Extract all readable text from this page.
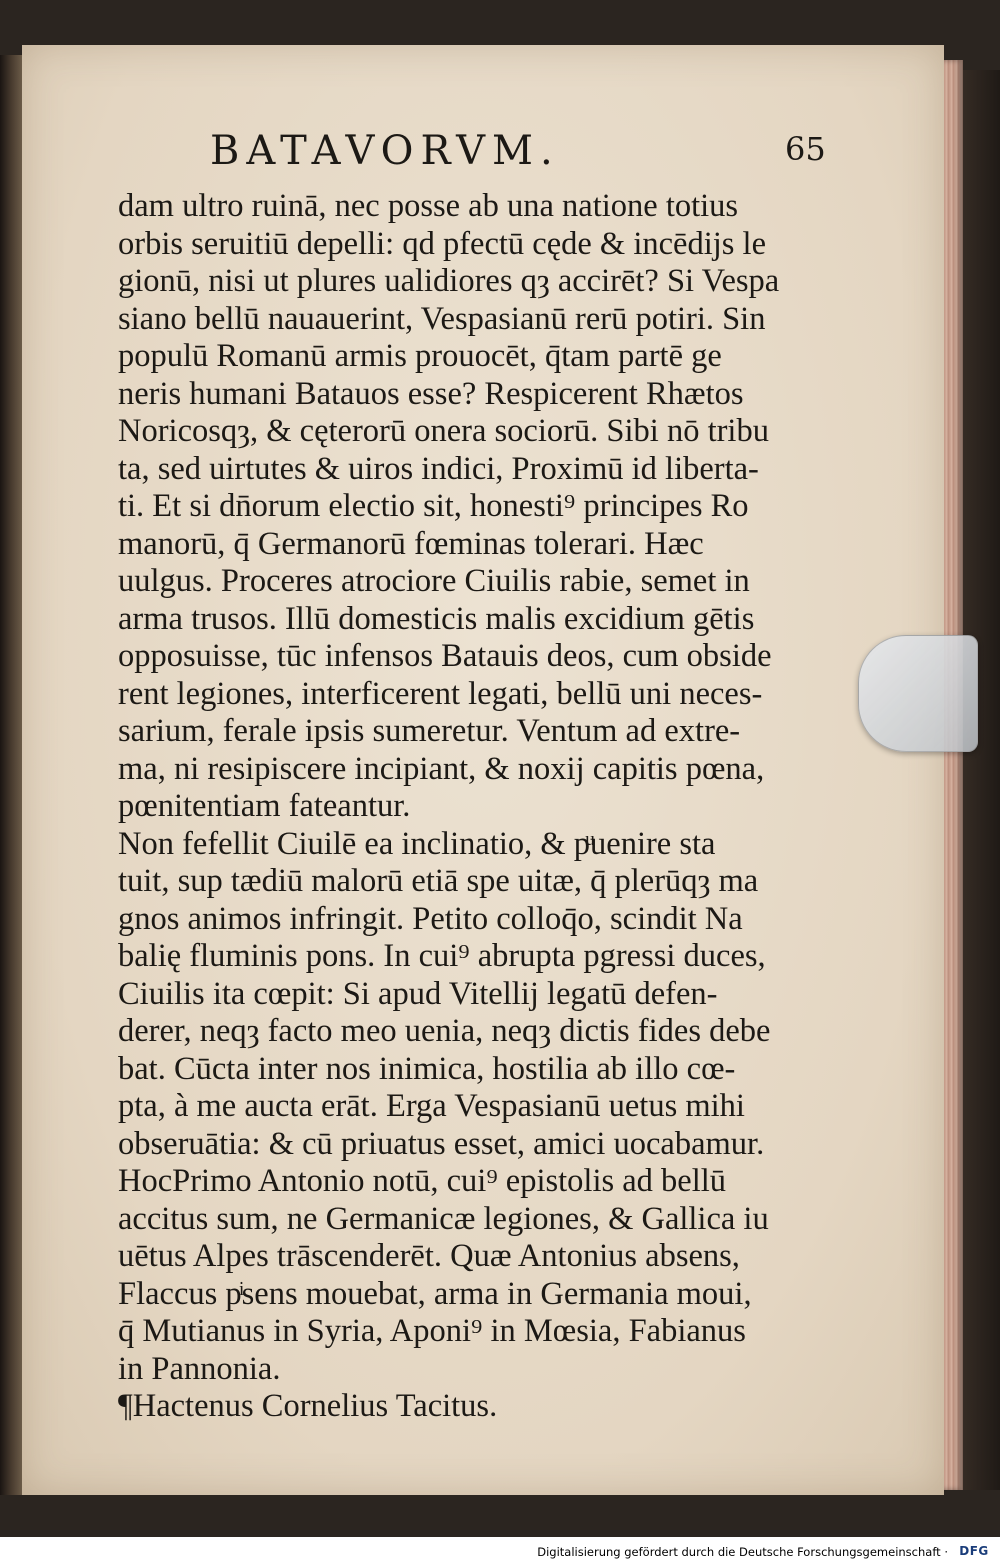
BATAVORVM.	65
dam ultro ruinā, nec posse ab una natione totius
orbis seruitiū depelli: qd pfectū cęde & incēdijs le
gionū, nisi ut plures ualidiores qȝ accirēt? Si Vespa
siano bellū nauauerint, Vespasianū rerū potiri. Sin
populū Romanū armis prouocēt, q̄tam partē ge
neris humani Batauos esse? Respicerent Rhætos
Noricosqȝ, & cęterorū onera sociorū. Sibi nō tribu
ta, sed uirtutes & uiros indici, Proximū id liberta-
ti. Et si dn̄orum electio sit, honesti⁹ principes Ro
manorū, q̄ Germanorū fœminas tolerari. Hæc
uulgus. Proceres atrociore Ciuilis rabie, semet in
arma trusos. Illū domesticis malis excidium gētis
opposuisse, tūc infensos Batauis deos, cum obside
rent legiones, interficerent legati, bellū uni neces-
sarium, ferale ipsis sumeretur. Ventum ad extre-
ma, ni resipiscere incipiant, & noxij capitis pœna,
pœnitentiam fateantur.
Non fefellit Ciuilē ea inclinatio, & pͧuenire sta
tuit, sup tædiū malorū etiā spe uitæ, q̄ plerūqȝ ma
gnos animos infringit. Petito colloq̄o, scindit Na
balię fluminis pons. In cui⁹ abrupta pgressi duces,
Ciuilis ita cœpit: Si apud Vitellij legatū defen-
derer, neqȝ facto meo uenia, neqȝ dictis fides debe
bat. Cūcta inter nos inimica, hostilia ab illo cœ-
pta, à me aucta erāt. Erga Vespasianū uetus mihi
obseruātia: & cū priuatus esset, amici uocabamur.
HocPrimo Antonio notū, cui⁹ epistolis ad bellū
accitus sum, ne Germanicæ legiones, & Gallica iu
uētus Alpes trāscenderēt. Quæ Antonius absens,
Flaccus pͥsens mouebat, arma in Germania moui,
q̄ Mutianus in Syria, Aponi⁹ in Mœsia, Fabianus
in Pannonia.
¶Hactenus Cornelius Tacitus.
Digitalisierung gefördert durch die Deutsche Forschungsgemeinschaft · DFG
